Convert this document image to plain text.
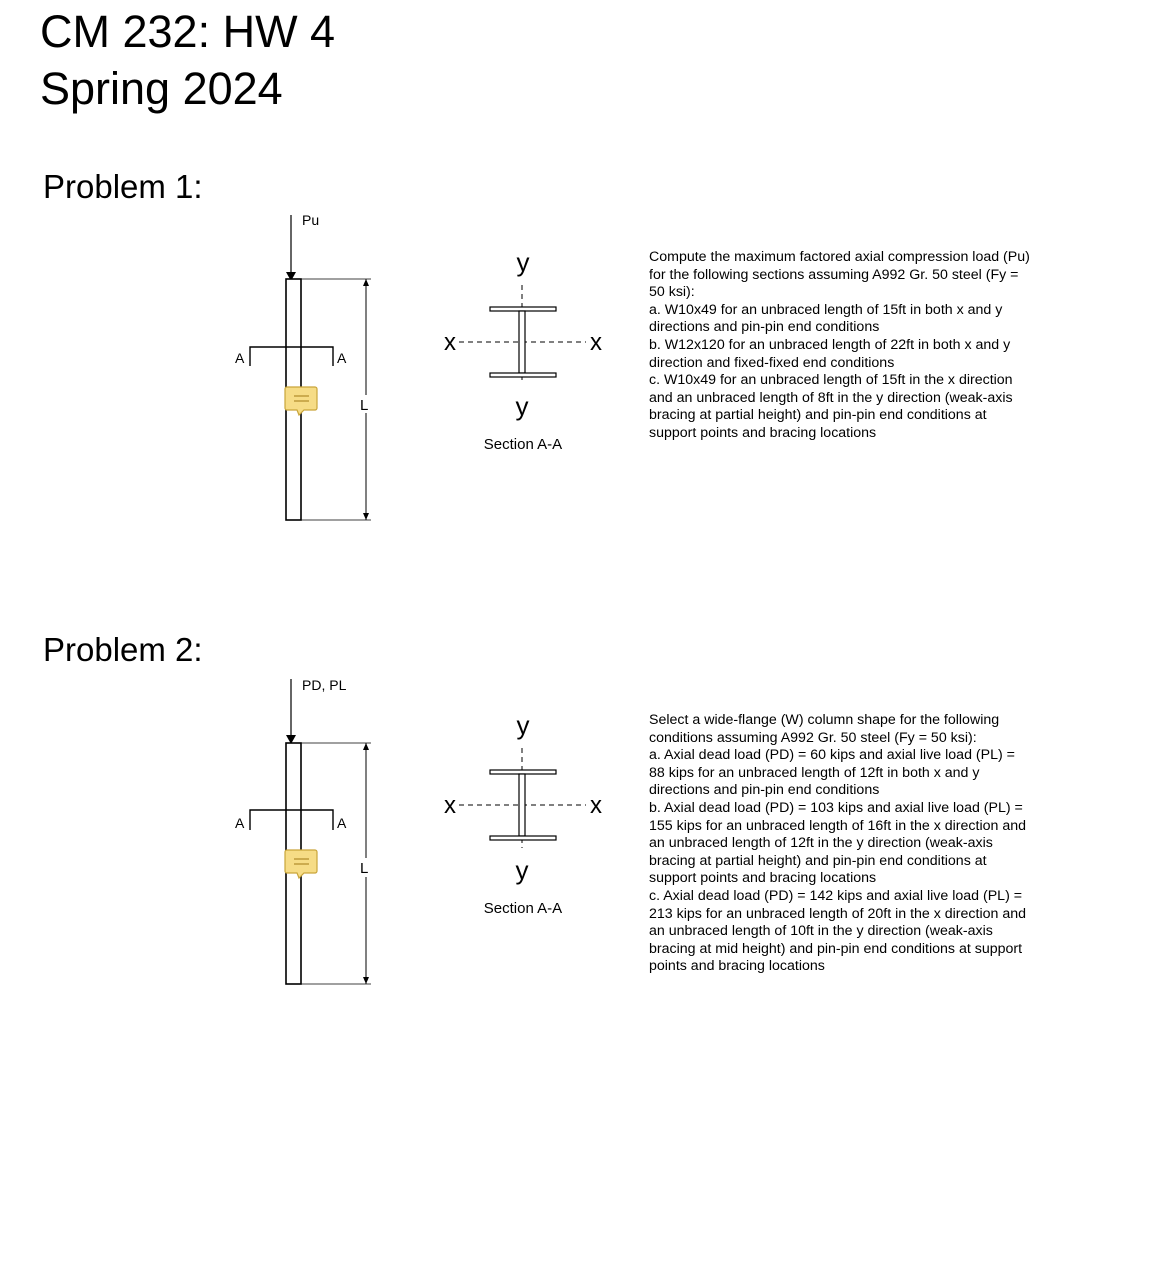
CM 232: HW 4
Spring 2024
Problem 1:
Pu
A	A
L
y
x	x
y
Section A-A
Compute the maximum factored axial compression load (Pu) for the following sections assuming A992 Gr. 50 steel (Fy = 50 ksi):
a. W10x49 for an unbraced length of 15ft in both x and y directions and pin-pin end conditions
b. W12x120 for an unbraced length of 22ft in both x and y direction and fixed-fixed end conditions
c. W10x49 for an unbraced length of 15ft in the x direction and an unbraced length of 8ft in the y direction (weak-axis bracing at partial height) and pin-pin end conditions at support points and bracing locations
Problem 2:
PD, PL
A	A
L
y
x	x
y
Section A-A
Select a wide-flange (W) column shape for the following conditions assuming A992 Gr. 50 steel (Fy = 50 ksi):
a. Axial dead load (PD) = 60 kips and axial live load (PL) = 88 kips for an unbraced length of 12ft in both x and y directions and pin-pin end conditions
b. Axial dead load (PD) = 103 kips and axial live load (PL) = 155 kips for an unbraced length of 16ft in the x direction and an unbraced length of 12ft in the y direction (weak-axis bracing at partial height) and pin-pin end conditions at support points and bracing locations
c. Axial dead load (PD) = 142 kips and axial live load (PL) = 213 kips for an unbraced length of 20ft in the x direction and an unbraced length of 10ft in the y direction (weak-axis bracing at mid height) and pin-pin end conditions at support points and bracing locations
